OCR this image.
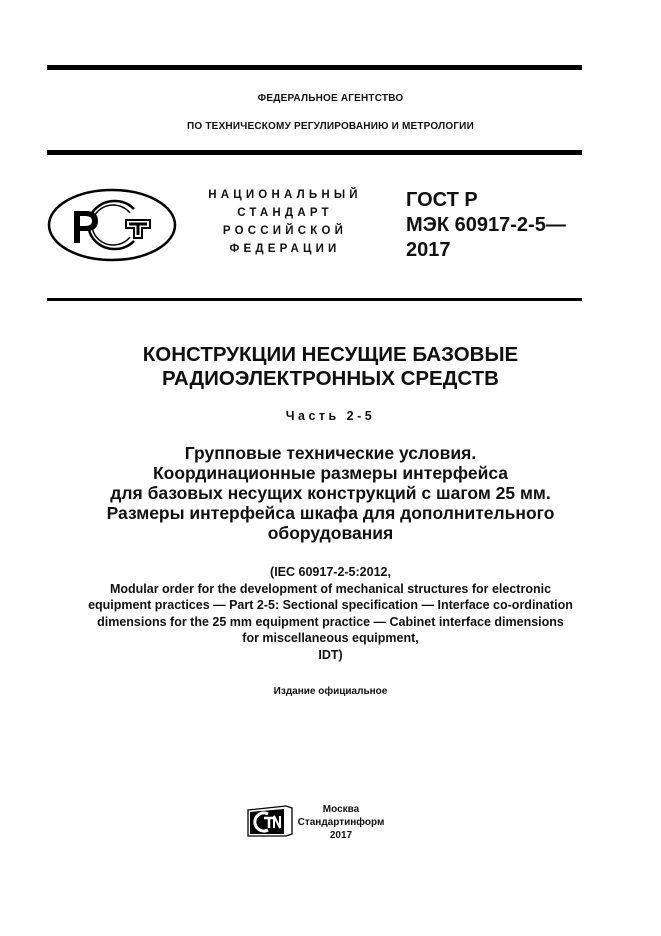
ФЕДЕРАЛЬНОЕ АГЕНТСТВО
ПО ТЕХНИЧЕСКОМУ РЕГУЛИРОВАНИЮ И МЕТРОЛОГИИ
НАЦИОНАЛЬНЫЙ
СТАНДАРТ
РОССИЙСКОЙ
ФЕДЕРАЦИИ
ГОСТ Р
МЭК 60917-2-5—
2017
КОНСТРУКЦИИ НЕСУЩИЕ БАЗОВЫЕ
РАДИОЭЛЕКТРОННЫХ СРЕДСТВ
Часть 2-5
Групповые технические условия.
Координационные размеры интерфейса
для базовых несущих конструкций с шагом 25 мм.
Размеры интерфейса шкафа для дополнительного
оборудования
(IEC 60917-2-5:2012,
Modular order for the development of mechanical structures for electronic
equipment practices — Part 2-5: Sectional specification — Interface co-ordination
dimensions for the 25 mm equipment practice — Cabinet interface dimensions
for miscellaneous equipment,
IDT)
Издание официальное
Москва
Стандартинформ
2017
